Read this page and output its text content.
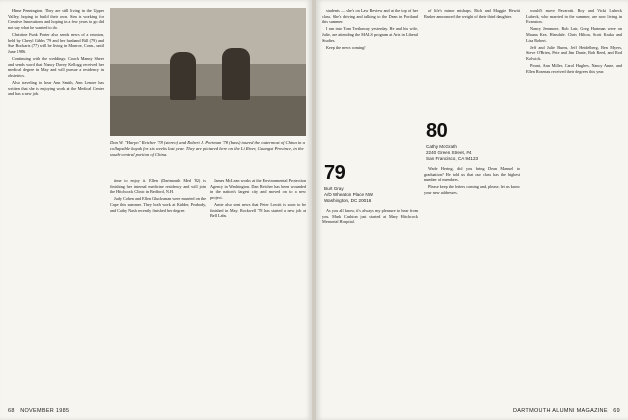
Hime Pennington. They are still living in the Upper Valley, hoping to build their own. Sim is working for Creative Innovations and hoping in a few years to go did not say what he wanted to do.

Christine Funk Porter also sends news of a reunion, held by Cheryl Gibbs '79 and her husband Bill (79) and Sue Bockaris (77) will be living in Monroe, Conn., until June 1986.

Continuing with the weddings: Coach Manny Sheer and sends word that Nancy Davey Kellogg received her medical degree in May and will pursue a residency in obstetrics.

Also traveling to hear Ann Smith, Ann Lenore has written that she is enjoying work at the Medical Center and has a new job.

Dan W. "Harpo" Reicher '78 (stereo) and Robert J. Portman '78 (bass) toured the outermost of China in a collapsible kayak for six weeks last year. They are pictured here on the Li River, Guangxi Province, in the south-central portion of China.

time to enjoy it. Ellen (Dartmouth Med '82) is finishing her internal medicine residency and will join the Hitchcock Clinic in Bedford, N.H.

Judy Cohen and Ellen Glucksman were married on the Cape this summer. They both work at Kidder, Peabody, and Cathy Nash recently finished her degree.

James McLean works at the Environmental Protection Agency in Washington. Dan Reicher has been wounded in the nation's largest city and moved on to a new project.

Arnie also sent news that Peter Lowitt is soon to be finished in May. Rockwell '78 has started a new job at Bell Labs.

68 NOVEMBER 1985

students — she's on Law Review and at the top of her class. She's driving and talking to the Dean in Portland this summer.

I ran into Tom Trethaway yesterday. He and his wife, Julie, are attending the MALS program at Arts in Liberal Studies.

Keep the news coming!

79
Burt Gray
A/D Wheaton Place NW
Washington, DC 20016

As you all know, it's always my pleasure to hear from you. Mark Cashion just started at Mary Hitchcock Memorial Hospital.

of life's minor mishaps. Rich and Maggie Hewitt Barker announced the weight of their third daughter.

80
Cathy McGrath
2240 Green Street, #4
San Francisco, CA 94123

Wade Hering, did you bring Dean Manuel to graduation? He told us that our class has the highest number of members.

Please keep the letters coming and, please, let us know your new addresses.

would't move Pavarotti. Roy and Vicki Lubeck Lubeck, who married in the summer, are now living in Evanston.

Nancy Jemmore, Rob Lair, Greg Hartman were on Mauna Kea. Hinsdale. Chris Hilton, Scott Kraka and Lisa Robert.

Jeff and Julie Burns, Jeff Heidelberg, Ben Myers, Steve O'Brien, Pete and Jim Dante, Bob Reed, and Rod Kolwick.

Pirani, Ann Miller, Carol Hughes, Nancy Anne, and Ellen Rosenau received their degrees this year.

DARTMOUTH ALUMNI MAGAZINE 69
